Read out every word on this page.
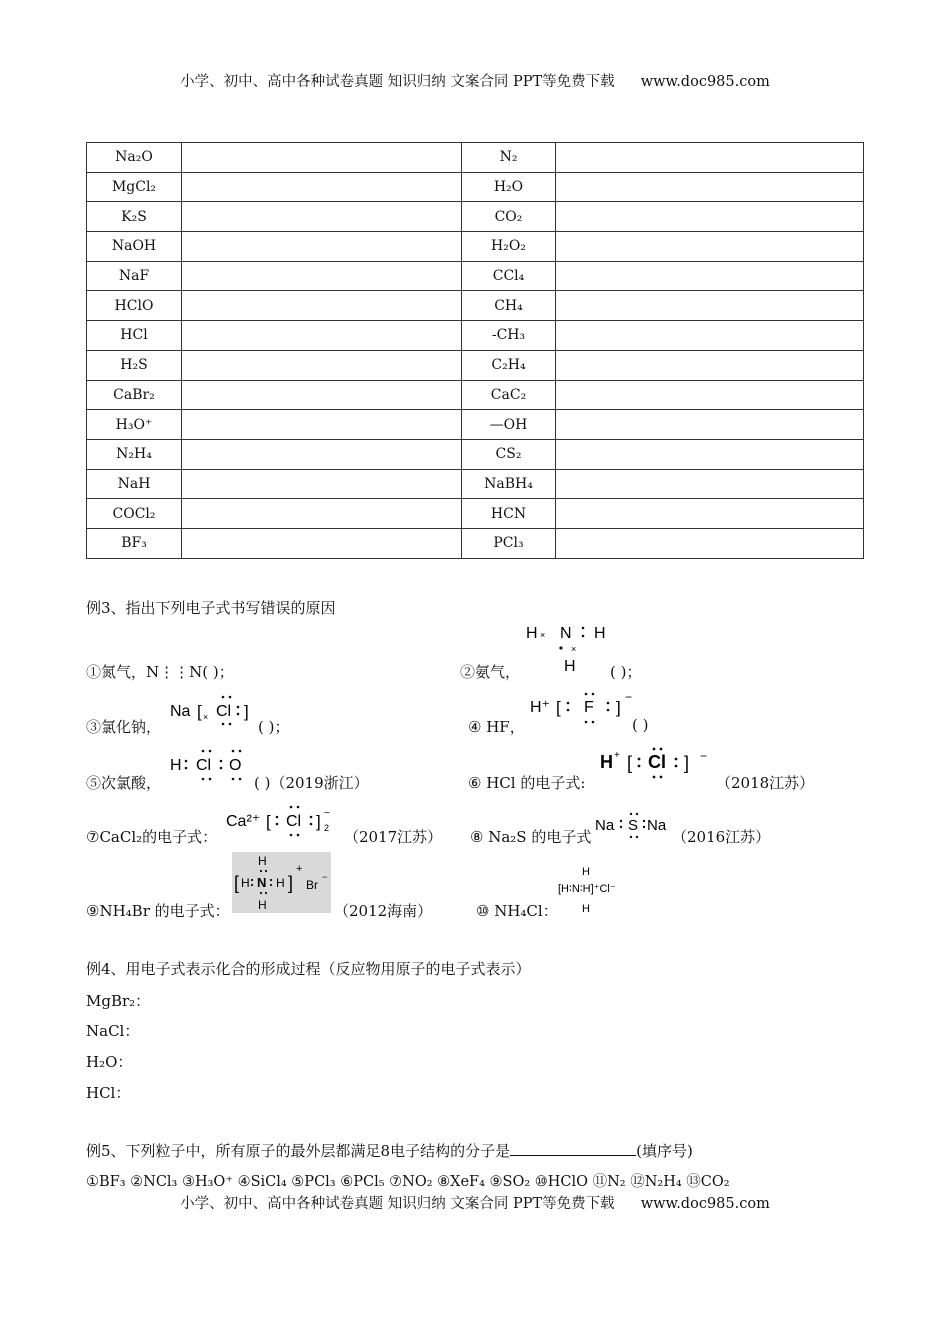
小学、初中、高中各种试卷真题 知识归纳 文案合同 PPT等免费下载 www.doc985.com
小学、初中、高中各种试卷真题 知识归纳 文案合同 PPT等免费下载 www.doc985.com
Na₂O		N₂	
MgCl₂		H₂O	
K₂S		CO₂	
NaOH		H₂O₂	
NaF		CCl₄	
HClO		CH₄	
HCl		-CH₃	
H₂S		C₂H₄	
CaBr₂		CaC₂	
H₃O⁺		—OH	
N₂H₄		CS₂	
NaH		NaBH₄	
COCl₂		HCN	
BF₃		PCl₃	
例3、指出下列电子式书写错误的原因
①氮气，N⋮⋮N( )；	②氨气，
H × N H
×
H ( )；
③氯化钠，
Na [ × Cl ]
( )；	④ HF，
H⁺ [ F ]
−
( )
⑤次氯酸，
H Cl O
( )（2019浙江）	⑥ HCl 的电子式:
H + [ Cl ] −
（2018江苏）
⑦CaCl₂的电子式：
Ca²⁺ [ Cl ] −
2 （2017江苏） ⑧ Na₂S 的电子式
Na S Na
（2016江苏）
⑨NH₄Br 的电子式：
H
[ H N H
H
]
+
Br
−
（2012海南）	⑩ NH₄Cl：
H
[H∶N∶H]⁺Cl⁻
H
例4、用电子式表示化合的形成过程（反应物用原子的电子式表示）
MgBr₂：
NaCl：
H₂O：
HCl：
例5、下列粒子中，所有原子的最外层都满足8电子结构的分子是	(填序号)
①BF₃ ②NCl₃ ③H₃O⁺ ④SiCl₄ ⑤PCl₃ ⑥PCl₅ ⑦NO₂ ⑧XeF₄ ⑨SO₂ ⑩HClO ⑪N₂ ⑫N₂H₄ ⑬CO₂
